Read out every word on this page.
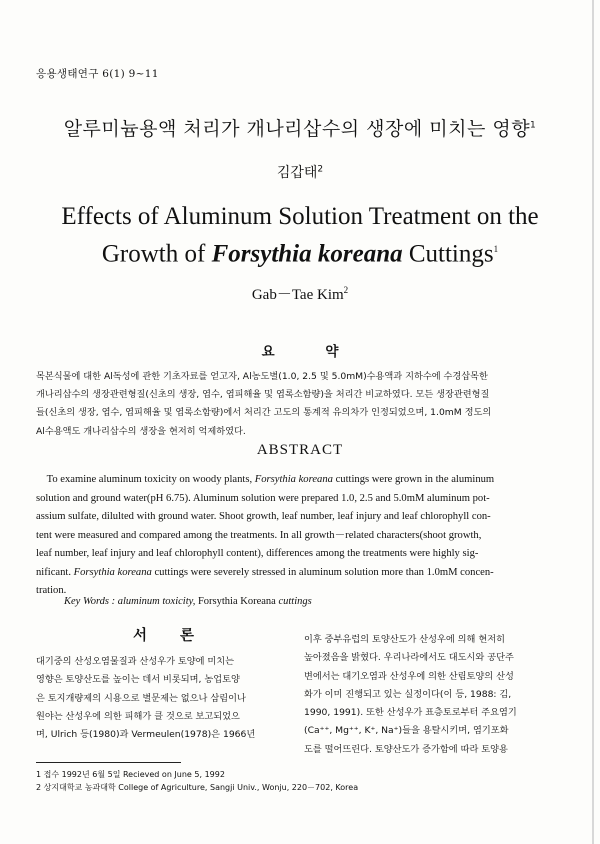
응용생태연구 6(1) 9~11
알루미늄용액 처리가 개나리삽수의 생장에 미치는 영향$^1$
김갑태$^2$
Effects of Aluminum Solution Treatment on the
Growth of Forsythia koreana Cuttings$^1$
Gab－Tae Kim$^2$
요 약
목본식물에 대한 Al독성에 관한 기초자료를 얻고자, Al농도별(1.0, 2.5 및 5.0mM)수용액과 지하수에 수경삽목한
개나리삽수의 생장관련형질(신초의 생장, 엽수, 엽피해율 및 엽록소함량)을 처리간 비교하였다. 모든 생장관련형질
들(신초의 생장, 엽수, 엽피해율 및 엽록소함량)에서 처리간 고도의 통계적 유의차가 인정되었으며, 1.0mM 정도의
Al수용액도 개나리삽수의 생장을 현저히 억제하였다.
ABSTRACT
To examine aluminum toxicity on woody plants, Forsythia koreana cuttings were grown in the aluminum
solution and ground water(pH 6.75). Aluminum solution were prepared 1.0, 2.5 and 5.0mM aluminum pot-
assium sulfate, dilulted with ground water. Shoot growth, leaf number, leaf injury and leaf chlorophyll con-
tent were measured and compared among the treatments. In all growth－related characters(shoot growth,
leaf number, leaf injury and leaf chlorophyll content), differences among the treatments were highly sig-
nificant. Forsythia koreana cuttings were severely stressed in aluminum solution more than 1.0mM concen-
tration.
Key Words : aluminum toxicity, Forsythia Koreana cuttings
서 론
대기중의 산성오염물질과 산성우가 토양에 미치는
영향은 토양산도를 높이는 데서 비롯되며, 농업토양
은 토지개량제의 시용으로 별문제는 없으나 삼림이나
원야는 산성우에 의한 피해가 클 것으로 보고되었으
며, Ulrich 등(1980)과 Vermeulen(1978)은 1966년
이후 중부유럽의 토양산도가 산성우에 의해 현저히
높아졌음을 밝혔다. 우리나라에서도 대도시와 공단주
변에서는 대기오염과 산성우에 의한 산림토양의 산성
화가 이미 진행되고 있는 실정이다(이 등, 1988: 김,
1990, 1991). 또한 산성우가 표층토로부터 주요염기
(Ca⁺⁺, Mg⁺⁺, K⁺, Na⁺)들을 용탈시키며, 염기포화
도를 떨어뜨린다. 토양산도가 증가함에 따라 토양용
1 접수 1992년 6월 5일 Recieved on June 5, 1992
2 상지대학교 농과대학 College of Agriculture, Sangji Univ., Wonju, 220－702, Korea
